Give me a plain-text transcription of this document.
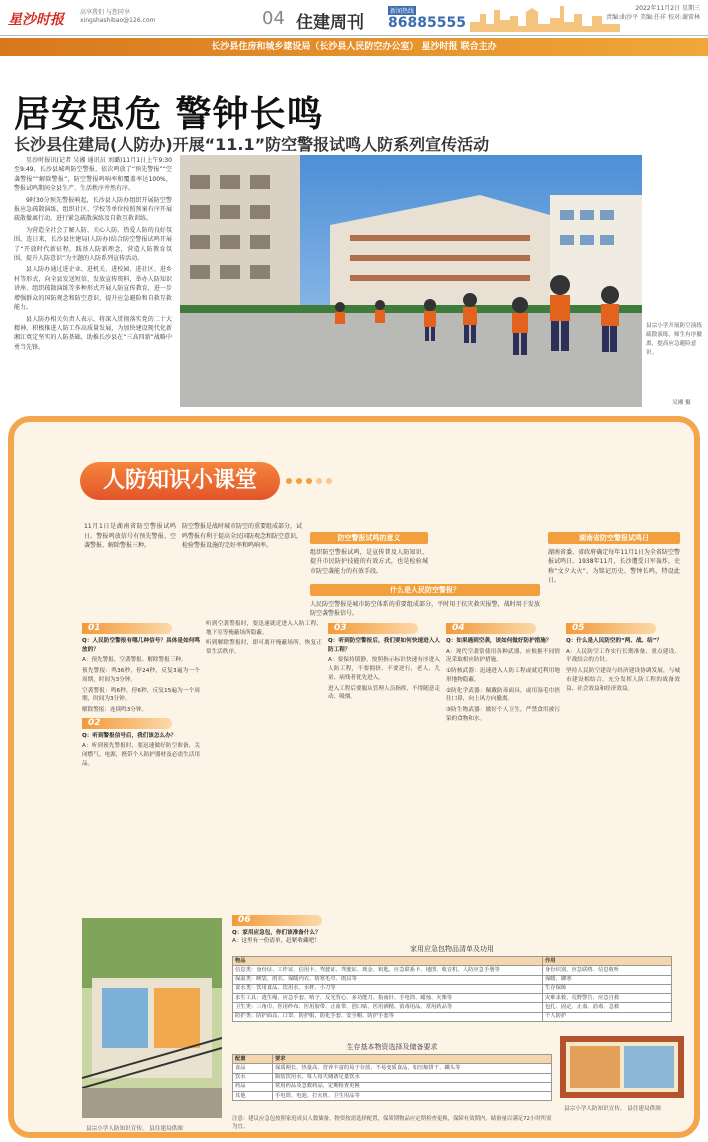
星沙时报	高享我们 与您同享
xingshashibao@126.com	04 住建周刊
新闻热线
86885555
2022年11月2日 星期三
责编:曲沙平 美编:任祥 校对:谢雷林
长沙县住房和城乡建设局（长沙县人民防空办公室） 星沙时报 联合主办
居安思危 警钟长鸣
长沙县住建局(人防办)开展“11.1”防空警报试鸣人防系列宣传活动

星沙时报讯(记者 吴湘 通讯员 刘璐)11月1日上午9:30至9:49，长沙县城鸣防空警报，依次鸣放了“预先警报”“空袭警报”“解除警报”，防空警报鸣响率和覆盖率达100%，警报试鸣期间全县生产、生活秩序井然有序。

9时30分预先警报响起，长沙县人防办组织开展防空警报应急疏散演练，组织社区、学校等单位按照预案有序开展疏散撤离行动，进行紧急疏散演练及自救互救训练。

为营造全社会了解人防、关心人防、热爱人防的良好氛围，连日来，长沙县住建局(人防办)结合防空警报试鸣开展了“开放时代新征程，践基人防新理念，营造人防教育氛围，提升人防意识”为主题的人防系列宣传活动。

县人防办通过进企业、进机关、进校园、进社区、进乡村等形式，向全县发送短信、发放宣传资料，举办人防知识讲座、组织疏散演练等多种形式开展人防宣传教育，进一步增强群众的国防观念和防空意识，提升应急避险和自救互救能力。

县人防办相关负责人表示，将深入贯彻落实党的二十大精神，积极推进人防工作高质量发展，为加快建设现代化新湘江奠定坚实的人防基础，助推长沙县在“三高四新”战略中勇当先锋。

县宗小学开展防空演练疏散演练，师生有序撤离，提高应急避险意识。
吴湘 摄
人防知识小课堂
11月1日是湖南省防空警报试鸣日。警报鸣放信号有预先警报、空袭警报、解除警报三种。
防空警报是战时城市防空的重要组成部分，试鸣警报有利于提高全民国防观念和防空意识，检验警报设施的完好率和鸣响率。
防空警报试鸣的意义
组织防空警报试鸣，是宣传普及人防知识、提升市民防护技能的有效方式，也是检验城市防空袭能力的有效手段。
什么是人民防空警报？
人民防空警报是城市防空体系的重要组成部分，平时用于抗灾救灾报警，战时用于发放防空袭警报信号。
湖南省防空警报试鸣日
湖南省委、省政府确定每年11月1日为全省防空警报试鸣日。1938年11月，长沙遭受日军轰炸，史称“文夕大火”，为铭记历史、警钟长鸣，特设此日。
01

Q：人民防空警报有哪几种信号？具体是如何鸣放的？

A：预先警报、空袭警报、解除警报三种。

预先警报：鸣36秒，停24秒，反复3遍为一个周期，时间为3分钟。

空袭警报：鸣6秒，停6秒，反复15遍为一个周期，时间为3分钟。

解除警报：连续鸣3分钟。

02

Q：听到警报信号后，我们该怎么办？

A：听到预先警报时，要迅速做好防空准备，关闭燃气、电源，携带个人防护器材及必需生活用品。

听到空袭警报时，要迅速就近进入人防工程、地下室等掩蔽场所隐蔽。

听到解除警报时，即可离开掩蔽场所，恢复正常生活秩序。

03

Q：听到防空警报后，我们要如何快速进入人防工程？

A：要保持镇静，按照指示标识快速有序进入人防工程，不要拥挤、不要逆行，老人、儿童、病残者优先进入。

进入工程后要服从管理人员指挥，不得随意走动、吸烟。

04

Q：如果遇到空袭，该如何做好防护措施？

A：现代空袭常使用各种武器，应根据不同情况采取相应防护措施。

①防核武器：迅速进入人防工程或就近利用地形地物隐蔽。

②防化学武器：佩戴防毒面具，或用湿毛巾捂住口鼻，向上风方向撤离。

③防生物武器：做好个人卫生，严禁食用被污染的食物和水。

05

Q：什么是人民防空的“两、战、结”？

A：人民防空工作实行长期准备、重点建设、平战结合的方针。

坚持人民防空建设与经济建设协调发展，与城市建设相结合，充分发挥人防工程的战备效益、社会效益和经济效益。

县宗小学人防知识宣传。 县住建局供图
06

Q：家用应急包，你们该准备什么？

A：这里有一份清单，赶紧收藏吧！

家用应急包物品清单及功用
物品	作用
信息类：身份证、工作证、信用卡、驾驶证、驾驶证、现金、钥匙、应急联系卡、地图、收音机、人防应急手册等	身份识别、应急联络、信息收听
保温类：睡袋、雨衣、保暖内衣、防寒毛巾、雨具等	保暖、御寒
食水类：饮用食品、饮用水、水杯、小刀等	生存保障
求生工具：逃生绳、应急手套、哨子、反光背心、多功能刀、指南针、手电筒、蜡烛、火柴等	灾难求救、荒野警告、应急自救
卫生类：三角巾、医用纱布、医用胶带、止血带、创口贴、医用酒精、消毒用品、常用药品等	包扎、固定、止血、消毒、急救
防护类：防护面具、口罩、防护服、防化手套、安全帽、防护手套等	个人防护
生存基本物资选择及储备要求
配置	要求
食品	保质期长、热量高、营养丰富的易于存放、不易变质食品，如压缩饼干、罐头等
饮水	瓶装饮用水，每人每天储备足量饮水
药品	常用药品及急救药品，定期检查更换
其他	手电筒、电池、打火机、卫生用品等
注意：建议应急包按照家庭成员人数储备，物资按需选择配置，保质期物品应定期检查更换，保障有效期内，储备量以满足72小时所需为宜。
县宗小学人防知识宣传。 县住建局供图
